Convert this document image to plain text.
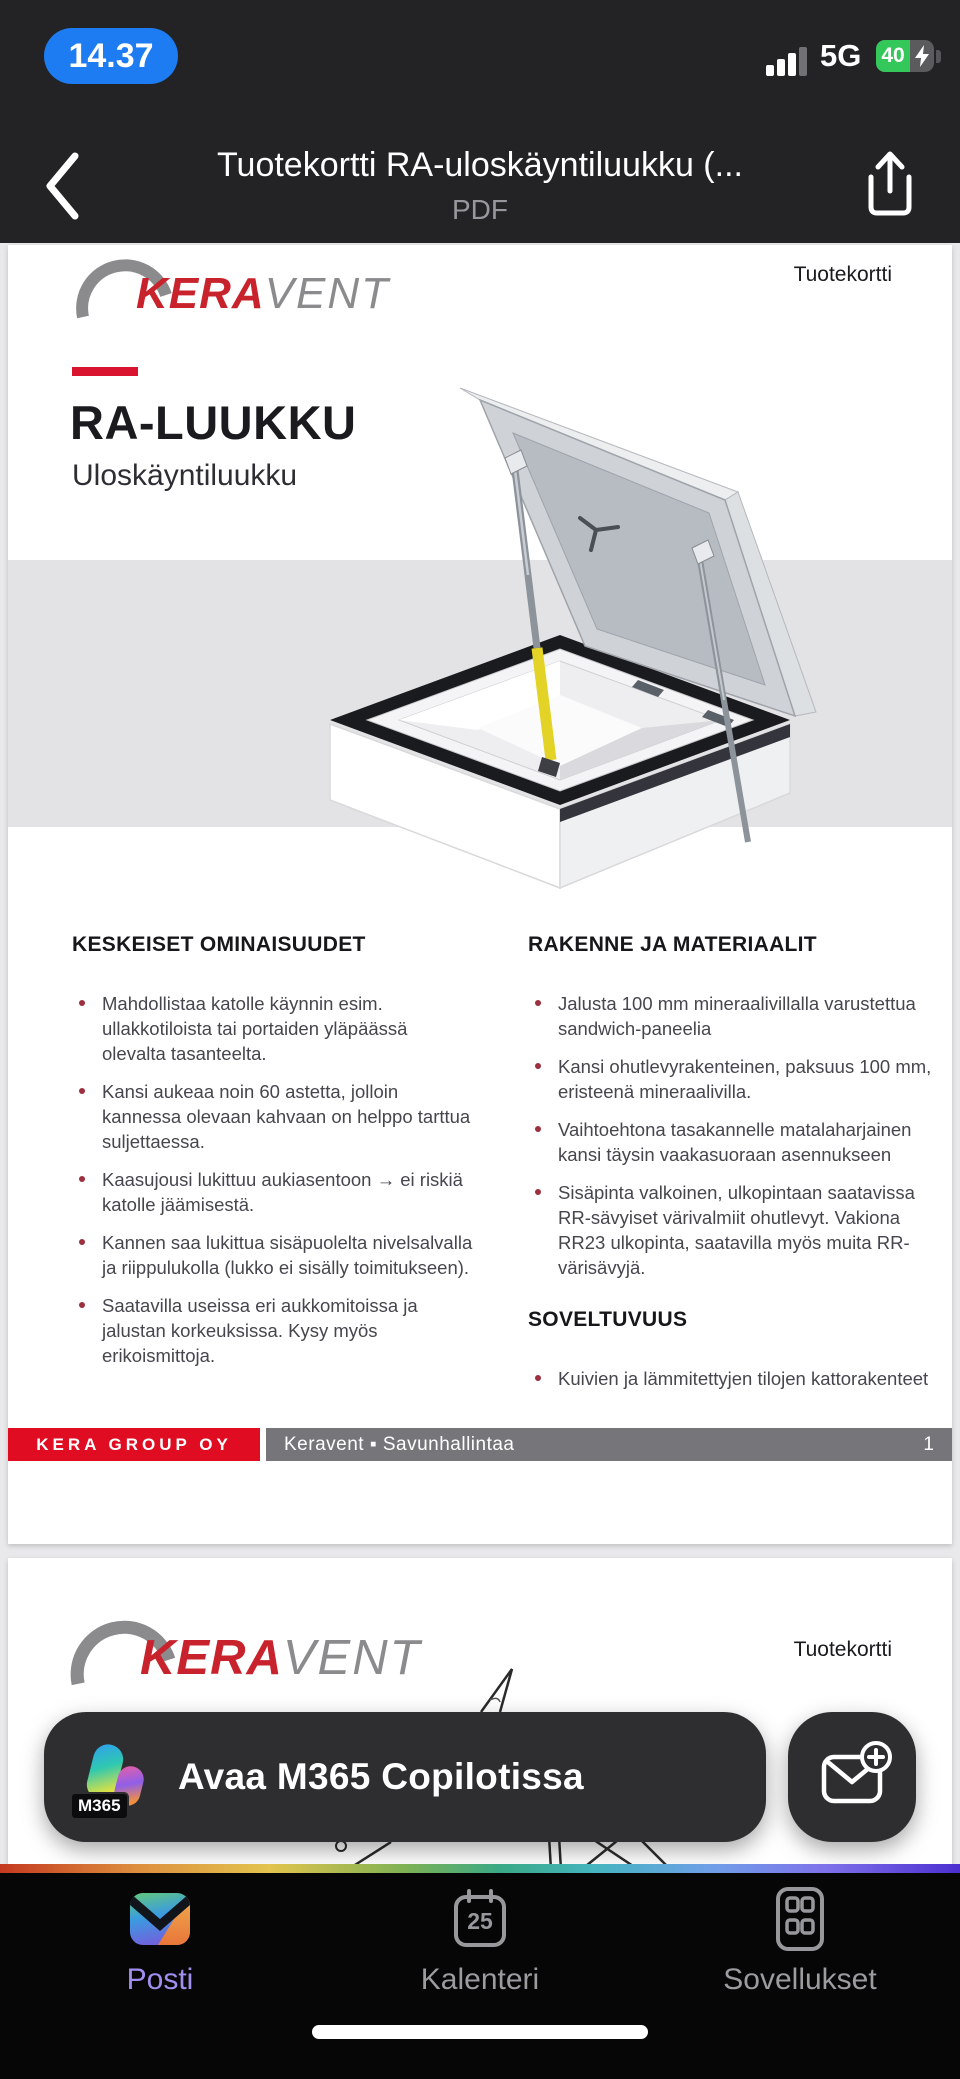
14.37	5G 40
Tuotekortti RA-uloskäyntiluukku (...
PDF
KERA VENT	Tuotekortti
RA-LUUKKU
Uloskäyntiluukku
KESKEISET OMINAISUUDET
Mahdollistaa katolle käynnin esim. ullakkotiloista tai portaiden yläpäässä olevalta tasanteelta.
Kansi aukeaa noin 60 astetta, jolloin kannessa olevaan kahvaan on helppo tarttua suljettaessa.
Kaasujousi lukittuu aukiasentoon → ei riskiä katolle jäämisestä.
Kannen saa lukittua sisäpuolelta nivelsalvalla ja riippulukolla (lukko ei sisälly toimitukseen).
Saatavilla useissa eri aukkomitoissa ja jalustan korkeuksissa. Kysy myös erikoismittoja.
RAKENNE JA MATERIAALIT
Jalusta 100 mm mineraalivillalla varustettua sandwich-paneelia
Kansi ohutlevyrakenteinen, paksuus 100 mm, eristeenä mineraalivilla.
Vaihtoehtona tasakannelle matalaharjainen kansi täysin vaakasuoraan asennukseen
Sisäpinta valkoinen, ulkopintaan saatavissa RR-sävyiset värivalmiit ohutlevyt. Vakiona RR23 ulkopinta, saatavilla myös muita RR-värisävyjä.
SOVELTUVUUS
Kuivien ja lämmitettyjen tilojen kattorakenteet
KERA GROUP OY	Keravent ▪ Savunhallintaa	1
KERA VENT	Tuotekortti
M365
Avaa M365 Copilotissa
Posti
25
Kalenteri	Sovellukset
